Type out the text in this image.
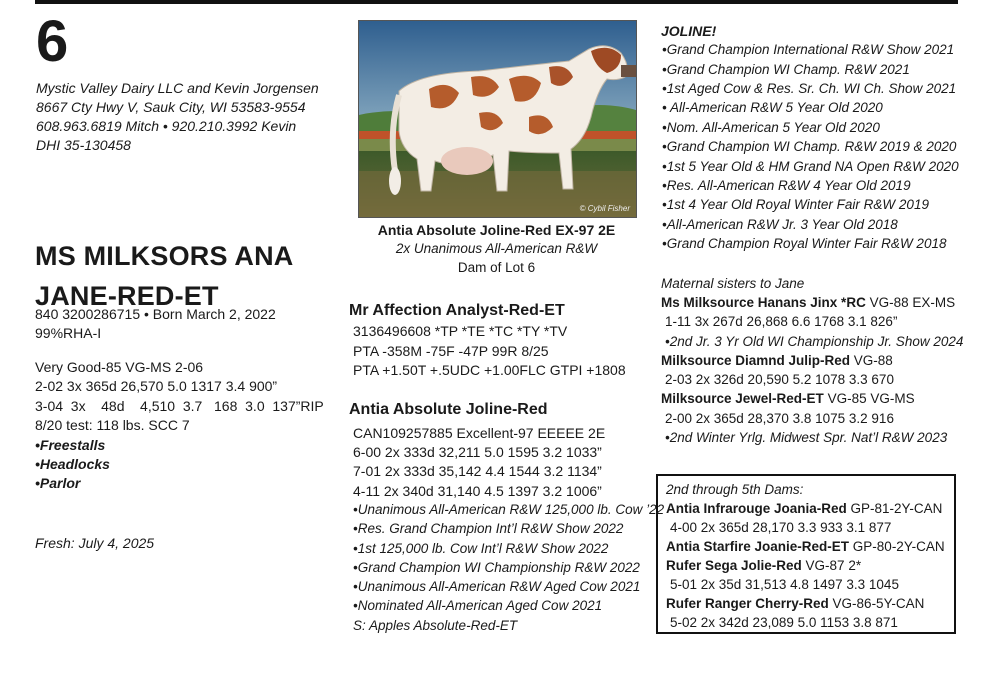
6
Mystic Valley Dairy LLC and Kevin Jorgensen
8667 Cty Hwy V, Sauk City, WI 53583-9554
608.963.6819 Mitch • 920.210.3992 Kevin
DHI 35-130458
MS MILKSORS ANA
JANE-RED-ET
840 3200286715 • Born March 2, 2022
99%RHA-I
Very Good-85 VG-MS 2-06
2-02 3x 365d 26,570 5.0 1317 3.4 900”
3-04  3x    48d    4,510  3.7   168  3.0  137”RIP
8/20 test: 118 lbs. SCC 7
•Freestalls
•Headlocks
•Parlor
Fresh: July 4, 2025
© Cybil Fisher
Antia Absolute Joline-Red EX-97 2E
2x Unanimous All-American R&W
Dam of Lot 6
Mr Affection Analyst-Red-ET
3136496608 *TP *TE *TC *TY *TV
PTA -358M -75F -47P 99R 8/25
PTA +1.50T +.5UDC +1.00FLC GTPI +1808
Antia Absolute Joline-Red
CAN109257885 Excellent-97 EEEEE 2E
6-00 2x 333d 32,211 5.0 1595 3.2 1033”
7-01 2x 333d 35,142 4.4 1544 3.2 1134”
4-11 2x 340d 31,140 4.5 1397 3.2 1006”
•Unanimous All-American R&W 125,000 lb. Cow ’22
•Res. Grand Champion Int’l R&W Show 2022
•1st 125,000 lb. Cow Int’l R&W Show 2022
•Grand Champion WI Championship R&W 2022
•Unanimous All-American R&W Aged Cow 2021
•Nominated All-American Aged Cow 2021
S: Apples Absolute-Red-ET
JOLINE!
•Grand Champion International R&W Show 2021
•Grand Champion WI Champ. R&W 2021
•1st Aged Cow & Res. Sr. Ch. WI Ch. Show 2021
• All-American R&W 5 Year Old 2020
•Nom. All-American 5 Year Old 2020
•Grand Champion WI Champ. R&W 2019 & 2020
•1st 5 Year Old & HM Grand NA Open R&W 2020
•Res. All-American R&W 4 Year Old 2019
•1st 4 Year Old Royal Winter Fair R&W 2019
•All-American R&W Jr. 3 Year Old 2018
•Grand Champion Royal Winter Fair R&W 2018
Maternal sisters to Jane
Ms Milksource Hanans Jinx *RC VG-88 EX-MS
1-11 3x 267d 26,868 6.6 1768 3.1 826”
•2nd Jr. 3 Yr Old WI Championship Jr. Show 2024
Milksource Diamnd Julip-Red VG-88
2-03 2x 326d 20,590 5.2 1078 3.3 670
Milksource Jewel-Red-ET VG-85 VG-MS
2-00 2x 365d 28,370 3.8 1075 3.2 916
•2nd Winter Yrlg. Midwest Spr. Nat’l R&W 2023
2nd through 5th Dams:
Antia Infrarouge Joania-Red GP-81-2Y-CAN
4-00 2x 365d 28,170 3.3 933 3.1 877
Antia Starfire Joanie-Red-ET GP-80-2Y-CAN
Rufer Sega Jolie-Red VG-87 2*
5-01 2x 35d 31,513 4.8 1497 3.3 1045
Rufer Ranger Cherry-Red VG-86-5Y-CAN
5-02 2x 342d 23,089 5.0 1153 3.8 871
